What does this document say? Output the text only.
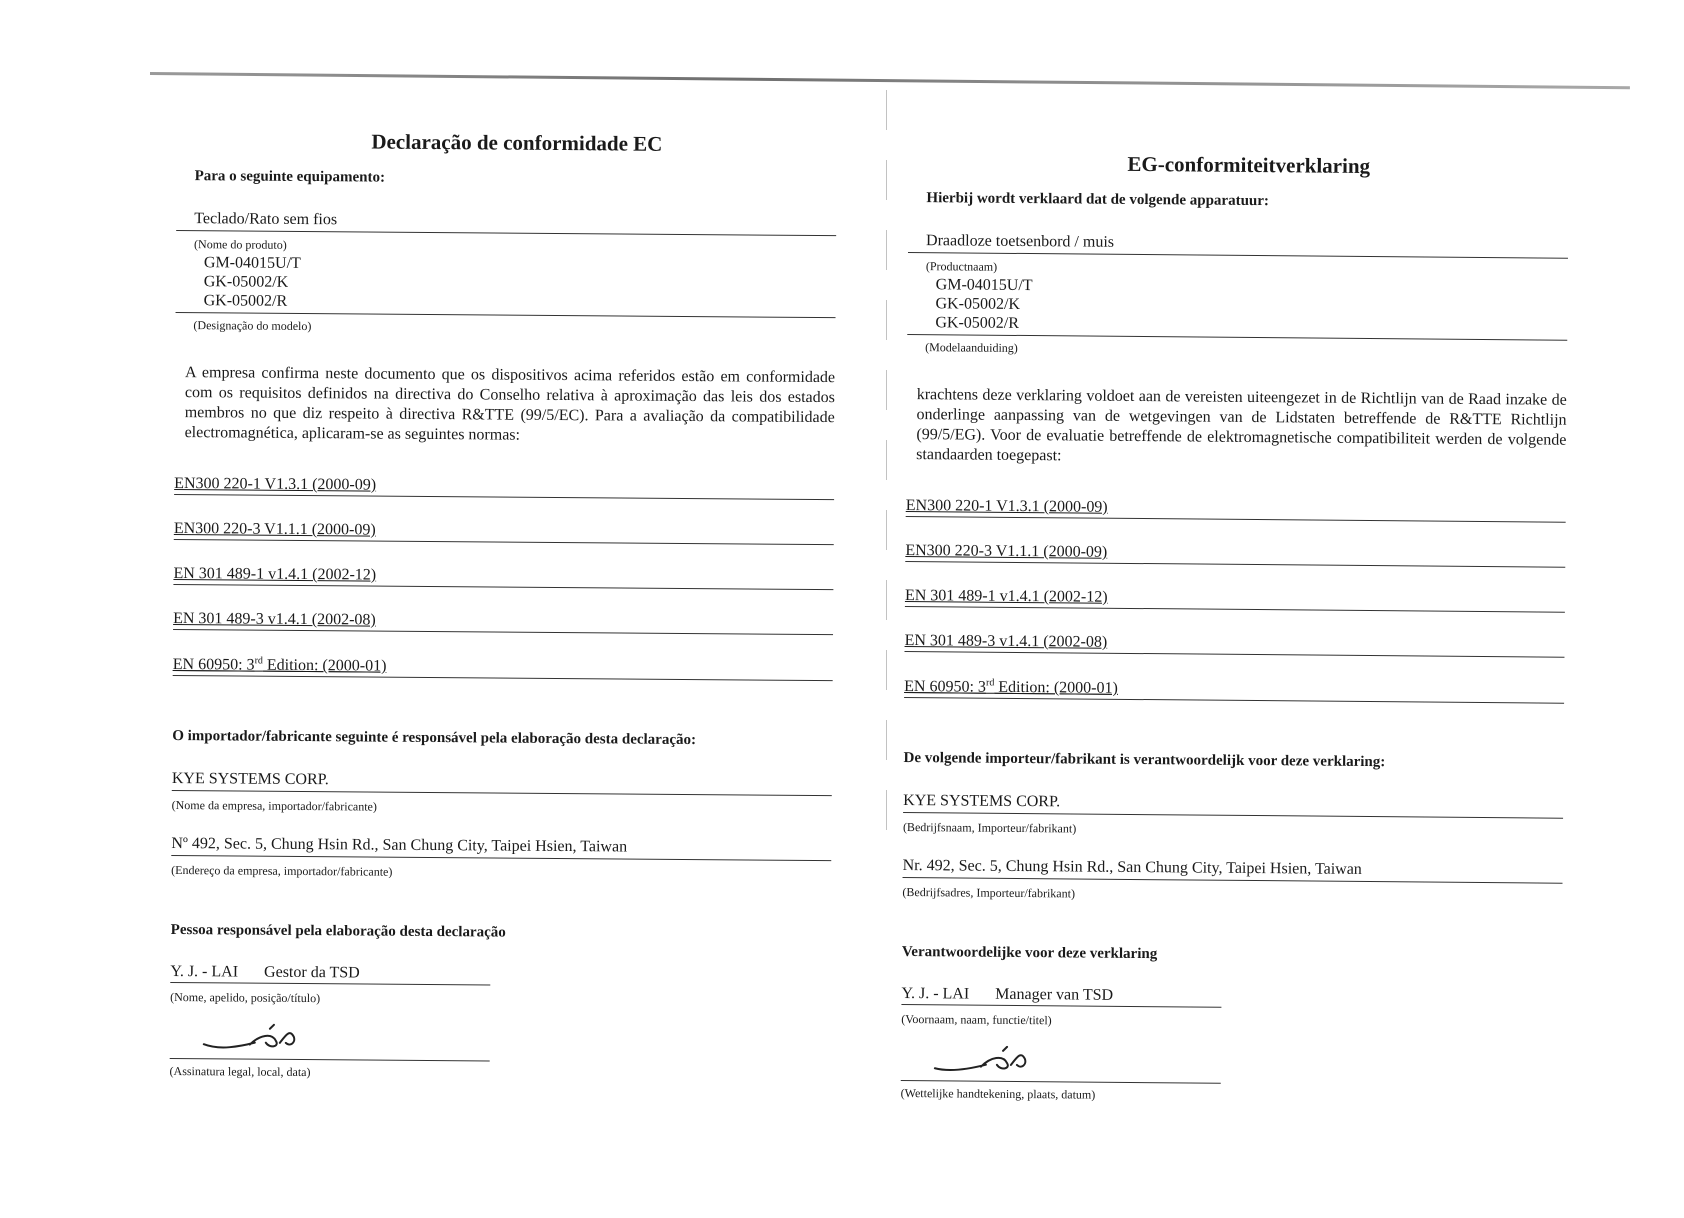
Declaração de conformidade EC
Para o seguinte equipamento:
Teclado/Rato sem fios
(Nome do produto)
GM-04015U/T
GK-05002/K
GK-05002/R
(Designação do modelo)
A empresa confirma neste documento que os dispositivos acima referidos estão em conformidade com os requisitos definidos na directiva do Conselho relativa à aproximação das leis dos estados membros no que diz respeito à directiva R&TTE (99/5/EC). Para a avaliação da compatibilidade electromagnética, aplicaram-se as seguintes normas:
EN300 220-1 V1.3.1 (2000-09)
EN300 220-3 V1.1.1 (2000-09)
EN 301 489-1 v1.4.1 (2002-12)
EN 301 489-3 v1.4.1 (2002-08)
EN 60950: 3rd Edition: (2000-01)
O importador/fabricante seguinte é responsável pela elaboração desta declaração:
KYE SYSTEMS CORP.
(Nome da empresa, importador/fabricante)
Nº 492, Sec. 5, Chung Hsin Rd., San Chung City, Taipei Hsien, Taiwan
(Endereço da empresa, importador/fabricante)
Pessoa responsável pela elaboração desta declaração
Y. J. - LAI Gestor da TSD
(Nome, apelido, posição/título)
(Assinatura legal, local, data)
EG-conformiteitverklaring
Hierbij wordt verklaard dat de volgende apparatuur:
Draadloze toetsenbord / muis
(Productnaam)
GM-04015U/T
GK-05002/K
GK-05002/R
(Modelaanduiding)
krachtens deze verklaring voldoet aan de vereisten uiteengezet in de Richtlijn van de Raad inzake de onderlinge aanpassing van de wetgevingen van de Lidstaten betreffende de R&TTE Richtlijn (99/5/EG). Voor de evaluatie betreffende de elektromagnetische compatibiliteit werden de volgende standaarden toegepast:
EN300 220-1 V1.3.1 (2000-09)
EN300 220-3 V1.1.1 (2000-09)
EN 301 489-1 v1.4.1 (2002-12)
EN 301 489-3 v1.4.1 (2002-08)
EN 60950: 3rd Edition: (2000-01)
De volgende importeur/fabrikant is verantwoordelijk voor deze verklaring:
KYE SYSTEMS CORP.
(Bedrijfsnaam, Importeur/fabrikant)
Nr. 492, Sec. 5, Chung Hsin Rd., San Chung City, Taipei Hsien, Taiwan
(Bedrijfsadres, Importeur/fabrikant)
Verantwoordelijke voor deze verklaring
Y. J. - LAI Manager van TSD
(Voornaam, naam, functie/titel)
(Wettelijke handtekening, plaats, datum)
